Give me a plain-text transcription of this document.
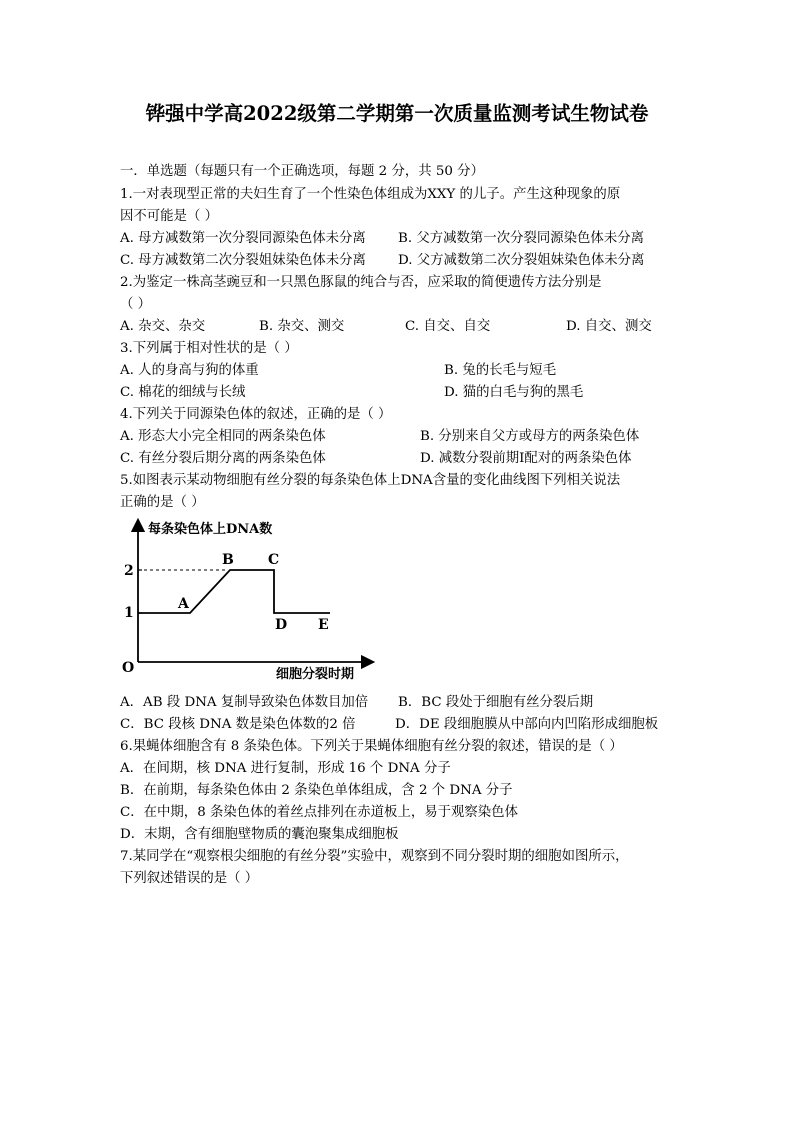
铧强中学高2022级第二学期第一次质量监测考试生物试卷
一．单选题（每题只有一个正确选项，每题 2 分，共 50 分）
1.一对表现型正常的夫妇生育了一个性染色体组成为XXY 的儿子。产生这种现象的原
因不可能是（ ）
A. 母方减数第一次分裂同源染色体未分离 B. 父方减数第一次分裂同源染色体未分离
C. 母方减数第二次分裂姐妹染色体未分离 D. 父方减数第二次分裂姐妹染色体未分离
2.为鉴定一株高茎豌豆和一只黑色豚鼠的纯合与否，应采取的简便遗传方法分别是
（ ）
A. 杂交、杂交	B. 杂交、测交	C. 自交、自交	D. 自交、测交
3.下列属于相对性状的是（ ）
A. 人的身高与狗的体重	B. 兔的长毛与短毛
C. 棉花的细绒与长绒	D. 猫的白毛与狗的黑毛
4.下列关于同源染色体的叙述，正确的是（ ）
A. 形态大小完全相同的两条染色体	B. 分别来自父方或母方的两条染色体
C. 有丝分裂后期分离的两条染色体	D. 减数分裂前期Ⅰ配对的两条染色体
5.如图表示某动物细胞有丝分裂的每条染色体上DNA含量的变化曲线图下列相关说法
正确的是（ ）
每条染色体上DNA数
细胞分裂时期
O
1
2
A
B C
D E
A．AB 段 DNA 复制导致染色体数目加倍 B．BC 段处于细胞有丝分裂后期
C．BC 段核 DNA 数是染色体数的2 倍	D．DE 段细胞膜从中部向内凹陷形成细胞板
6.果蝇体细胞含有 8 条染色体。下列关于果蝇体细胞有丝分裂的叙述，错误的是（ ）
A．在间期，核 DNA 进行复制，形成 16 个 DNA 分子
B．在前期，每条染色体由 2 条染色单体组成，含 2 个 DNA 分子
C．在中期，8 条染色体的着丝点排列在赤道板上，易于观察染色体
D．末期，含有细胞壁物质的囊泡聚集成细胞板
7.某同学在“观察根尖细胞的有丝分裂”实验中，观察到不同分裂时期的细胞如图所示，
下列叙述错误的是（ ）
